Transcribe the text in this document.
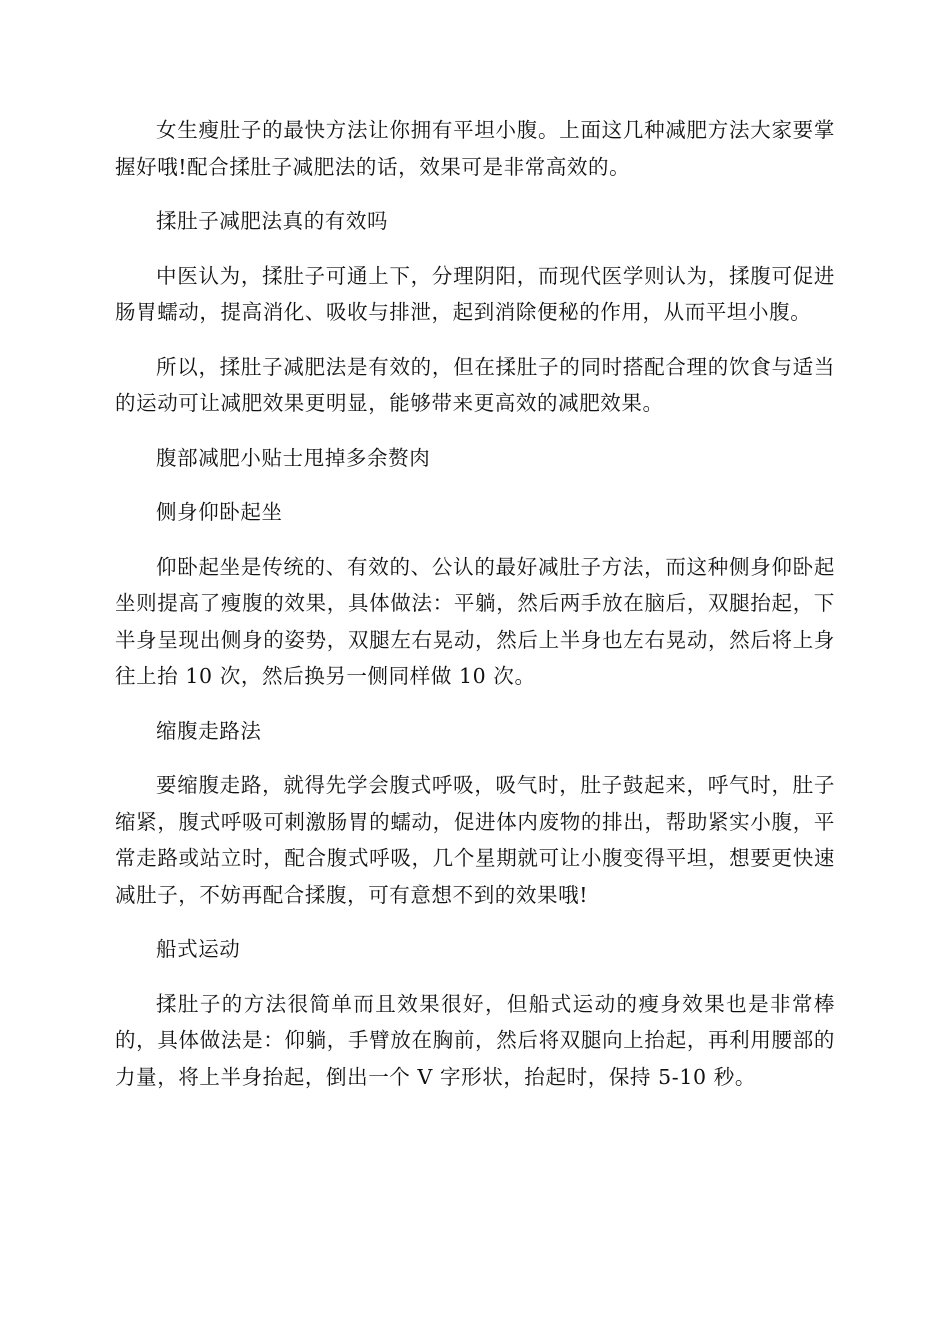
女生瘦肚子的最快方法让你拥有平坦小腹。上面这几种减肥方法大家要掌握好哦!配合揉肚子减肥法的话，效果可是非常高效的。

揉肚子减肥法真的有效吗

中医认为，揉肚子可通上下，分理阴阳，而现代医学则认为，揉腹可促进肠胃蠕动，提高消化、吸收与排泄，起到消除便秘的作用，从而平坦小腹。

所以，揉肚子减肥法是有效的，但在揉肚子的同时搭配合理的饮食与适当的运动可让减肥效果更明显，能够带来更高效的减肥效果。

腹部减肥小贴士甩掉多余赘肉

侧身仰卧起坐

仰卧起坐是传统的、有效的、公认的最好减肚子方法，而这种侧身仰卧起坐则提高了瘦腹的效果，具体做法：平躺，然后两手放在脑后，双腿抬起，下半身呈现出侧身的姿势，双腿左右晃动，然后上半身也左右晃动，然后将上身往上抬 10 次，然后换另一侧同样做 10 次。

缩腹走路法

要缩腹走路，就得先学会腹式呼吸，吸气时，肚子鼓起来，呼气时，肚子缩紧，腹式呼吸可刺激肠胃的蠕动，促进体内废物的排出，帮助紧实小腹，平常走路或站立时，配合腹式呼吸，几个星期就可让小腹变得平坦，想要更快速减肚子，不妨再配合揉腹，可有意想不到的效果哦!

船式运动

揉肚子的方法很简单而且效果很好，但船式运动的瘦身效果也是非常棒的，具体做法是：仰躺，手臂放在胸前，然后将双腿向上抬起，再利用腰部的力量，将上半身抬起，倒出一个 V 字形状，抬起时，保持 5-10 秒。
